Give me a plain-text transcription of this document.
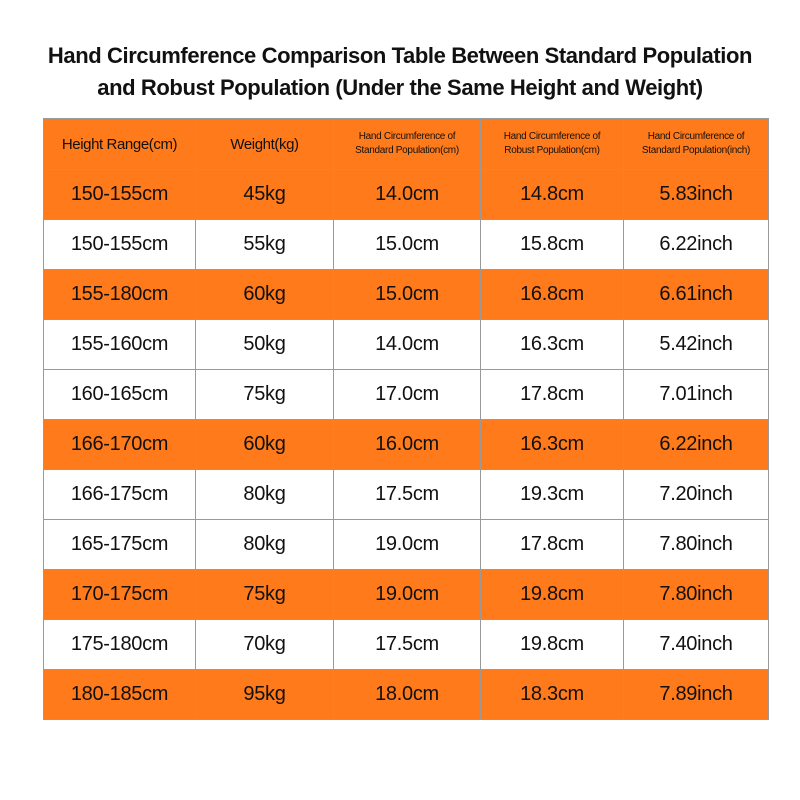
Hand Circumference Comparison Table Between Standard Population
and Robust Population (Under the Same Height and Weight)
Height Range(cm)	Weight(kg)	Hand Circumference of
Standard Population(cm)	Hand Circumference of
Robust Population(cm)	Hand Circumference of
Standard Population(inch)

150-155cm	45kg	14.0cm	14.8cm	5.83inch
150-155cm	55kg	15.0cm	15.8cm	6.22inch
155-180cm	60kg	15.0cm	16.8cm	6.61inch
155-160cm	50kg	14.0cm	16.3cm	5.42inch
160-165cm	75kg	17.0cm	17.8cm	7.01inch
166-170cm	60kg	16.0cm	16.3cm	6.22inch
166-175cm	80kg	17.5cm	19.3cm	7.20inch
165-175cm	80kg	19.0cm	17.8cm	7.80inch
170-175cm	75kg	19.0cm	19.8cm	7.80inch
175-180cm	70kg	17.5cm	19.8cm	7.40inch
180-185cm	95kg	18.0cm	18.3cm	7.89inch
